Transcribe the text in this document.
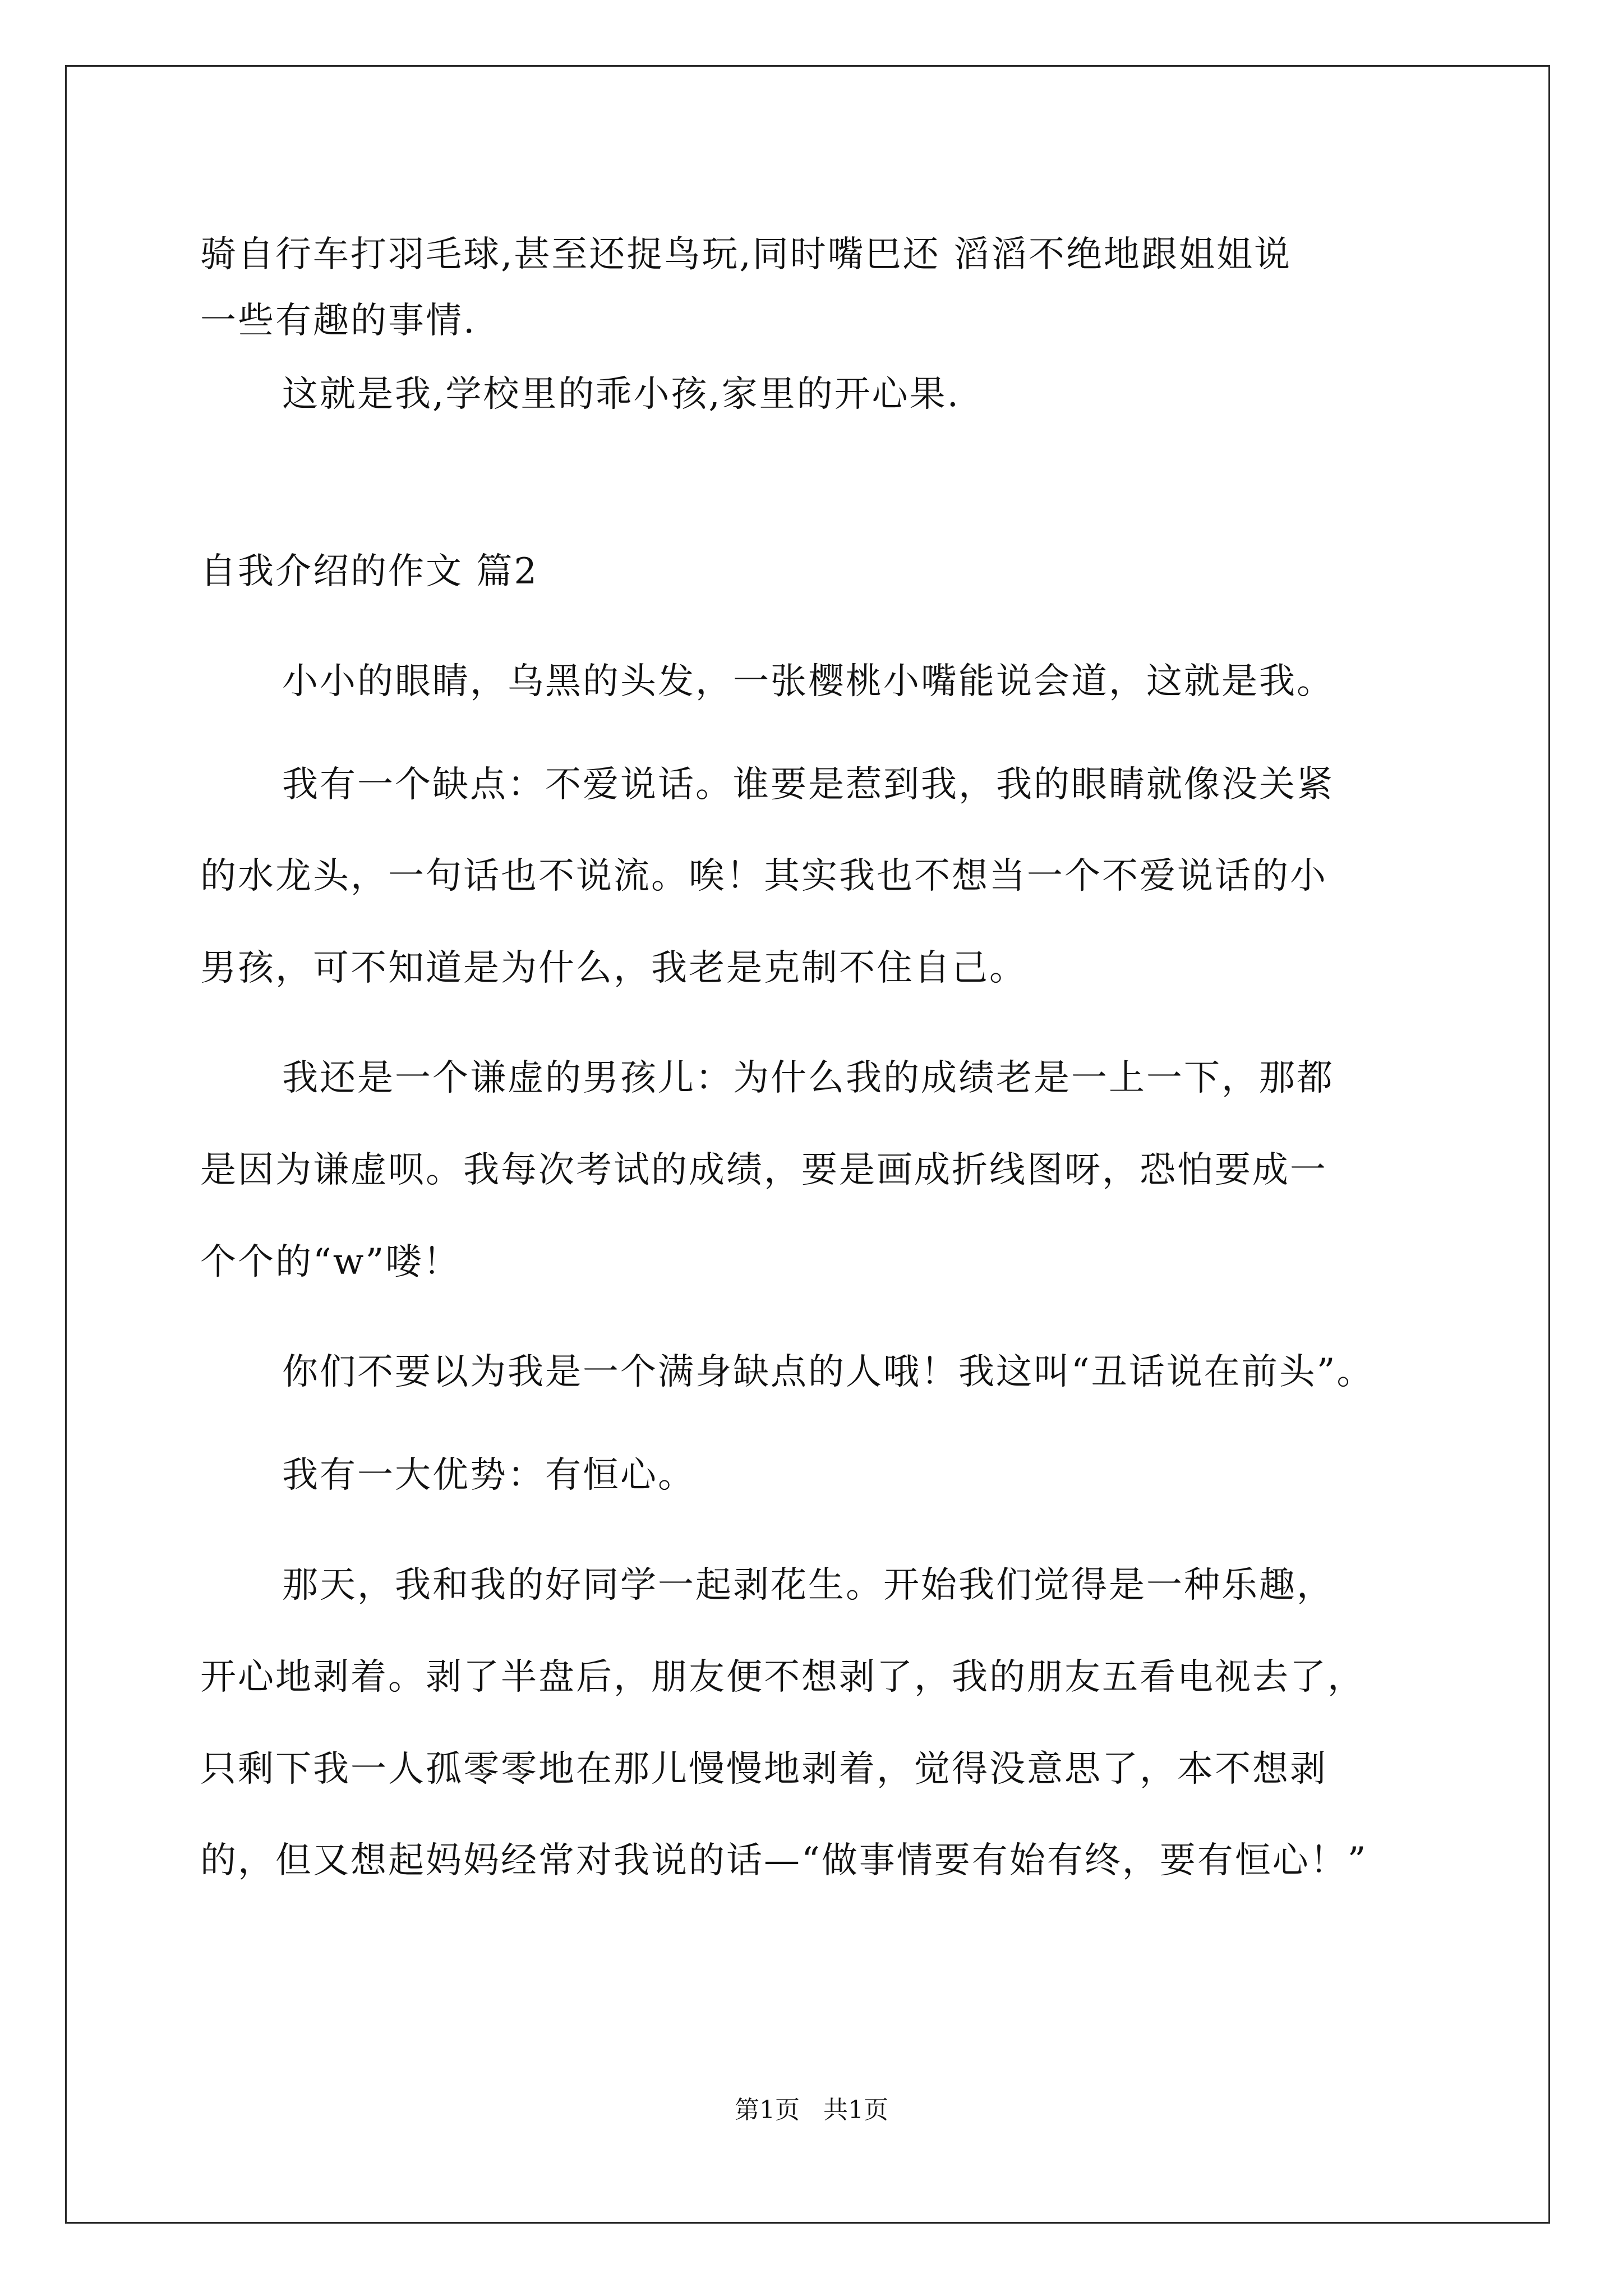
骑自行车打羽毛球,甚至还捉鸟玩,同时嘴巴还 滔滔不绝地跟姐姐说
一些有趣的事情.
这就是我,学校里的乖小孩,家里的开心果.
自我介绍的作文 篇2
小小的眼睛，乌黑的头发，一张樱桃小嘴能说会道，这就是我。
我有一个缺点：不爱说话。谁要是惹到我，我的眼睛就像没关紧
的水龙头，一句话也不说流。唉！其实我也不想当一个不爱说话的小
男孩，可不知道是为什么，我老是克制不住自己。
我还是一个谦虚的男孩儿：为什么我的成绩老是一上一下，那都
是因为谦虚呗。我每次考试的成绩，要是画成折线图呀，恐怕要成一
个个的“w”喽！
你们不要以为我是一个满身缺点的人哦！我这叫“丑话说在前头”。
我有一大优势：有恒心。
那天，我和我的好同学一起剥花生。开始我们觉得是一种乐趣，
开心地剥着。剥了半盘后，朋友便不想剥了，我的朋友五看电视去了，
只剩下我一人孤零零地在那儿慢慢地剥着，觉得没意思了，本不想剥
的，但又想起妈妈经常对我说的话—“做事情要有始有终，要有恒心！”
第1页   共1页
